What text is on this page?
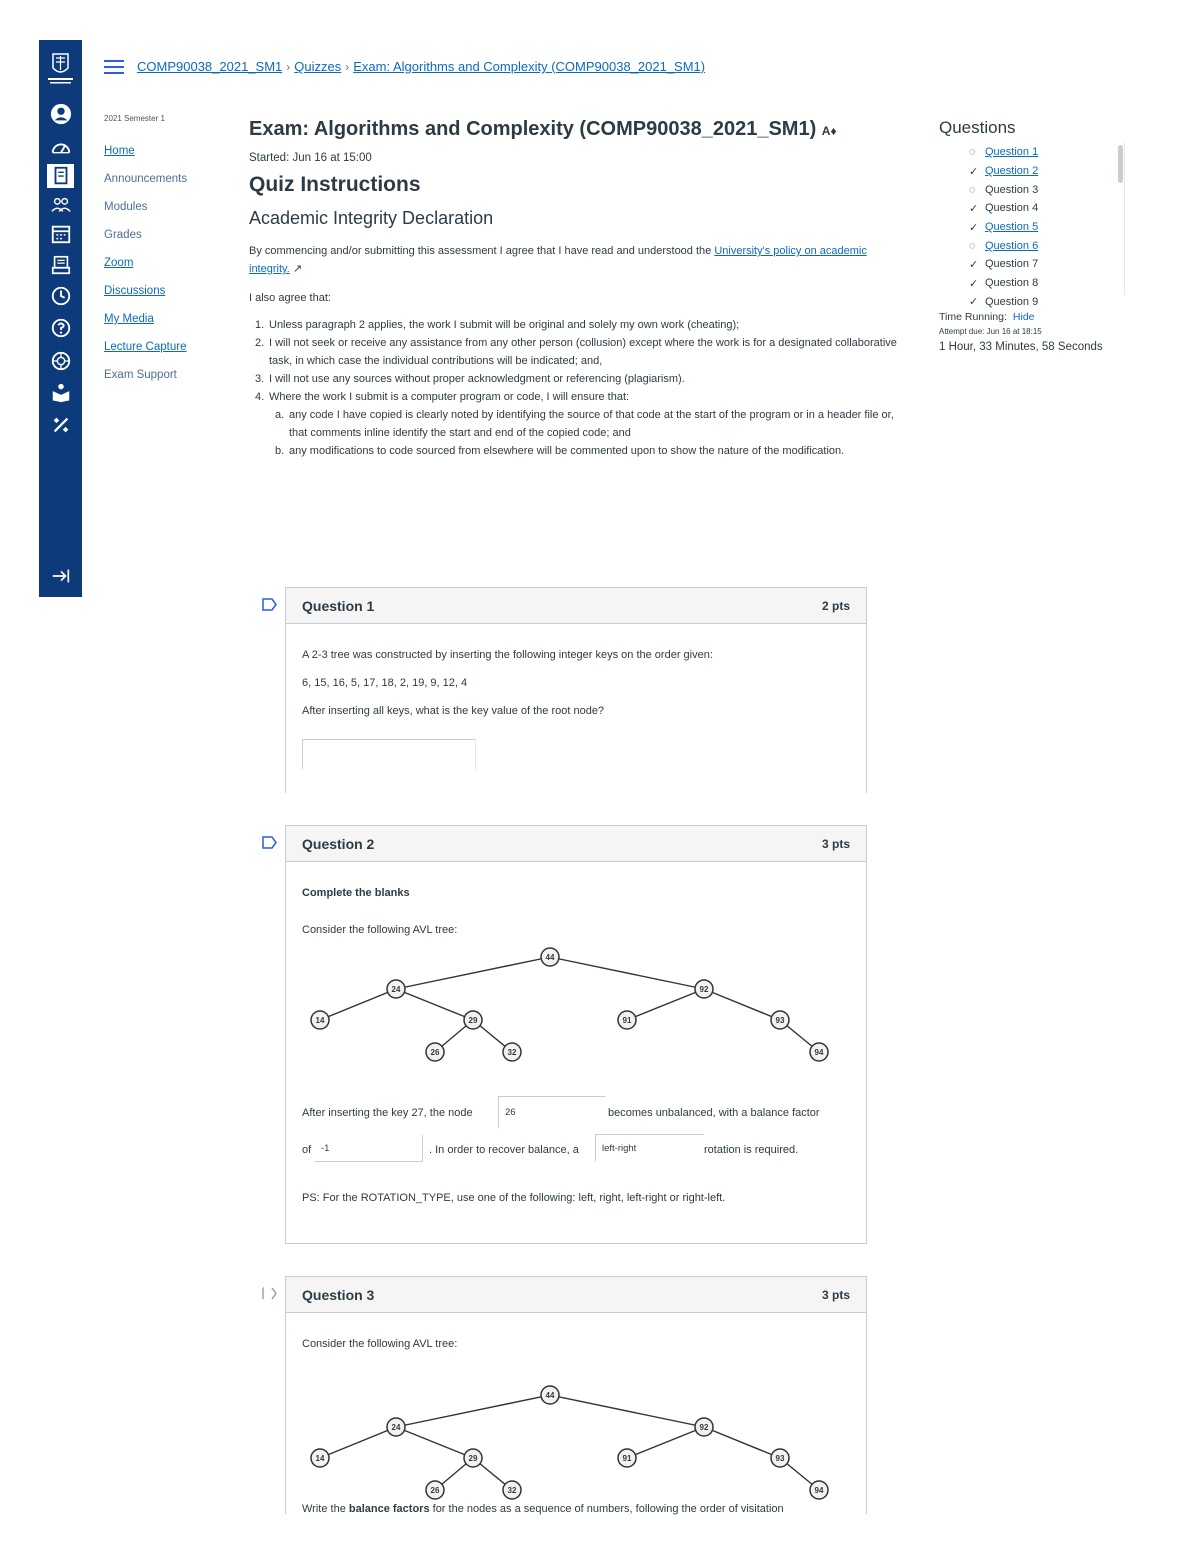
COMP90038_2021_SM1 › Quizzes › Exam: Algorithms and Complexity (COMP90038_2021_SM1)
2021 Semester 1
Home
Announcements
Modules
Grades
Zoom
Discussions
My Media
Lecture Capture
Exam Support
Exam: Algorithms and Complexity (COMP90038_2021_SM1) A♦
Started: Jun 16 at 15:00
Quiz Instructions
Academic Integrity Declaration
By commencing and/or submitting this assessment I agree that I have read and understood the University's policy on academic integrity. ↗
I also agree that:
1. Unless paragraph 2 applies, the work I submit will be original and solely my own work (cheating);
2. I will not seek or receive any assistance from any other person (collusion) except where the work is for a designated collaborative task, in which case the individual contributions will be indicated; and,
3. I will not use any sources without proper acknowledgment or referencing (plagiarism).
4. Where the work I submit is a computer program or code, I will ensure that:
a. any code I have copied is clearly noted by identifying the source of that code at the start of the program or in a header file or, that comments inline identify the start and end of the copied code; and
b. any modifications to code sourced from elsewhere will be commented upon to show the nature of the modification.
Questions
◌ Question 1
✓ Question 2
◌ Question 3
✓ Question 4
✓ Question 5
◌ Question 6
✓ Question 7
✓ Question 8
✓ Question 9
Time Running: Hide
Attempt due: Jun 16 at 18:15
1 Hour, 33 Minutes, 58 Seconds
Question 1	2 pts
A 2-3 tree was constructed by inserting the following integer keys on the order given:
6, 15, 16, 5, 17, 18, 2, 19, 9, 12, 4
After inserting all keys, what is the key value of the root node?
Question 2	3 pts
Complete the blanks
Consider the following AVL tree:
44
24	92
14	29	91	93
26	32	94
After inserting the key 27, the node	26	becomes unbalanced, with a balance factor
of	-1	. In order to recover balance, a	left-right	rotation is required.
PS: For the ROTATION_TYPE, use one of the following: left, right, left-right or right-left.
Question 3	3 pts
Consider the following AVL tree:
44
24	92
14	29	91	93
26	32	94
Write the balance factors for the nodes as a sequence of numbers, following the order of visitation
